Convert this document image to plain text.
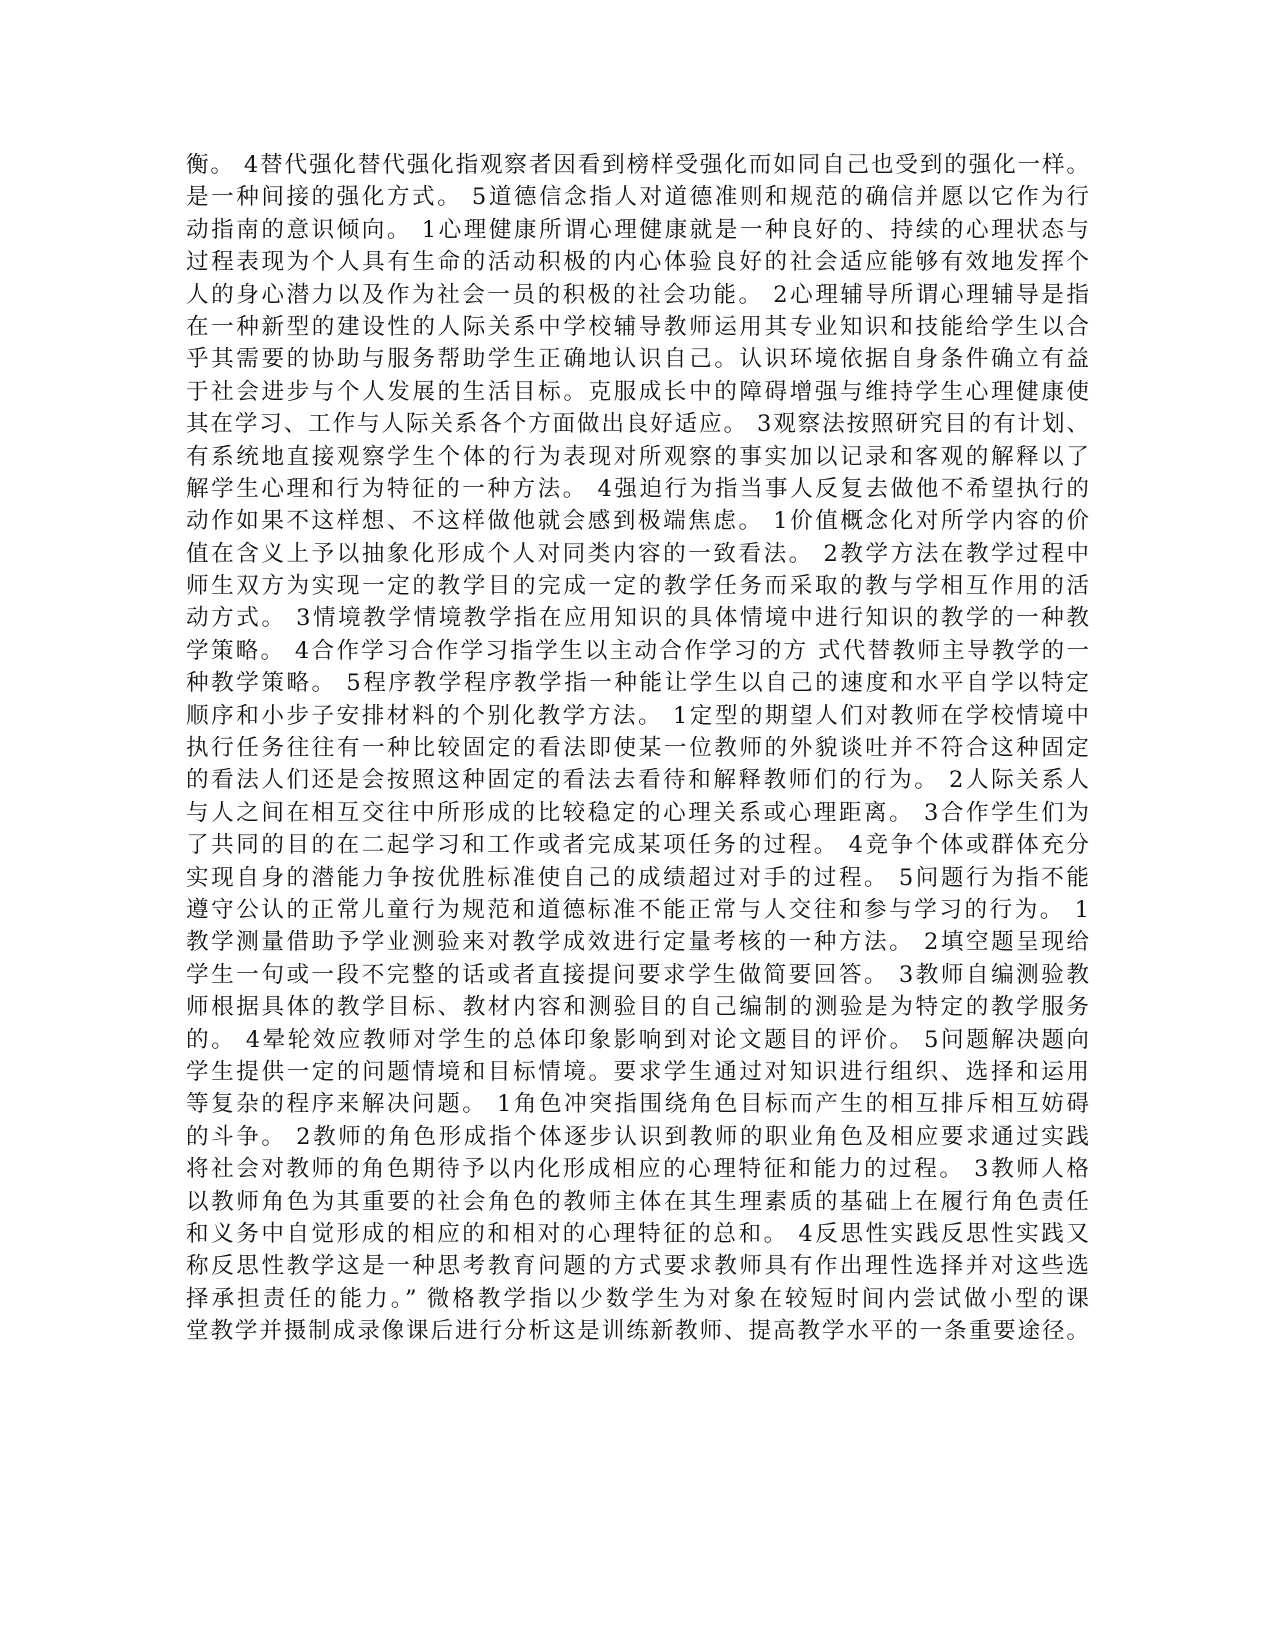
衡。 4替代强化替代强化指观察者因看到榜样受强化而如同自己也受到的强化一样。
是一种间接的强化方式。 5道德信念指人对道德准则和规范的确信并愿以它作为行
动指南的意识倾向。 1心理健康所谓心理健康就是一种良好的、持续的心理状态与
过程表现为个人具有生命的活动积极的内心体验良好的社会适应能够有效地发挥个
人的身心潜力以及作为社会一员的积极的社会功能。 2心理辅导所谓心理辅导是指
在一种新型的建设性的人际关系中学校辅导教师运用其专业知识和技能给学生以合
乎其需要的协助与服务帮助学生正确地认识自己。认识环境依据自身条件确立有益
于社会进步与个人发展的生活目标。克服成长中的障碍增强与维持学生心理健康使
其在学习、工作与人际关系各个方面做出良好适应。 3观察法按照研究目的有计划、
有系统地直接观察学生个体的行为表现对所观察的事实加以记录和客观的解释以了
解学生心理和行为特征的一种方法。 4强迫行为指当事人反复去做他不希望执行的
动作如果不这样想、不这样做他就会感到极端焦虑。 1价值概念化对所学内容的价
值在含义上予以抽象化形成个人对同类内容的一致看法。 2教学方法在教学过程中
师生双方为实现一定的教学目的完成一定的教学任务而采取的教与学相互作用的活
动方式。 3情境教学情境教学指在应用知识的具体情境中进行知识的教学的一种教
学策略。 4合作学习合作学习指学生以主动合作学习的方 式代替教师主导教学的一
种教学策略。 5程序教学程序教学指一种能让学生以自己的速度和水平自学以特定
顺序和小步子安排材料的个别化教学方法。 1定型的期望人们对教师在学校情境中
执行任务往往有一种比较固定的看法即使某一位教师的外貌谈吐并不符合这种固定
的看法人们还是会按照这种固定的看法去看待和解释教师们的行为。 2人际关系人
与人之间在相互交往中所形成的比较稳定的心理关系或心理距离。 3合作学生们为
了共同的目的在二起学习和工作或者完成某项任务的过程。 4竞争个体或群体充分
实现自身的潜能力争按优胜标准使自己的成绩超过对手的过程。 5问题行为指不能
遵守公认的正常儿童行为规范和道德标准不能正常与人交往和参与学习的行为。 1
教学测量借助予学业测验来对教学成效进行定量考核的一种方法。 2填空题呈现给
学生一句或一段不完整的话或者直接提问要求学生做简要回答。 3教师自编测验教
师根据具体的教学目标、教材内容和测验目的自己编制的测验是为特定的教学服务
的。 4晕轮效应教师对学生的总体印象影响到对论文题目的评价。 5问题解决题向
学生提供一定的问题情境和目标情境。要求学生通过对知识进行组织、选择和运用
等复杂的程序来解决问题。 1角色冲突指围绕角色目标而产生的相互排斥相互妨碍
的斗争。 2教师的角色形成指个体逐步认识到教师的职业角色及相应要求通过实践
将社会对教师的角色期待予以内化形成相应的心理特征和能力的过程。 3教师人格
以教师角色为其重要的社会角色的教师主体在其生理素质的基础上在履行角色责任
和义务中自觉形成的相应的和相对的心理特征的总和。 4反思性实践反思性实践又
称反思性教学这是一种思考教育问题的方式要求教师具有作出理性选择并对这些选
择承担责任的能力。” 微格教学指以少数学生为对象在较短时间内尝试做小型的课
堂教学并摄制成录像课后进行分析这是训练新教师、提高教学水平的一条重要途径。
